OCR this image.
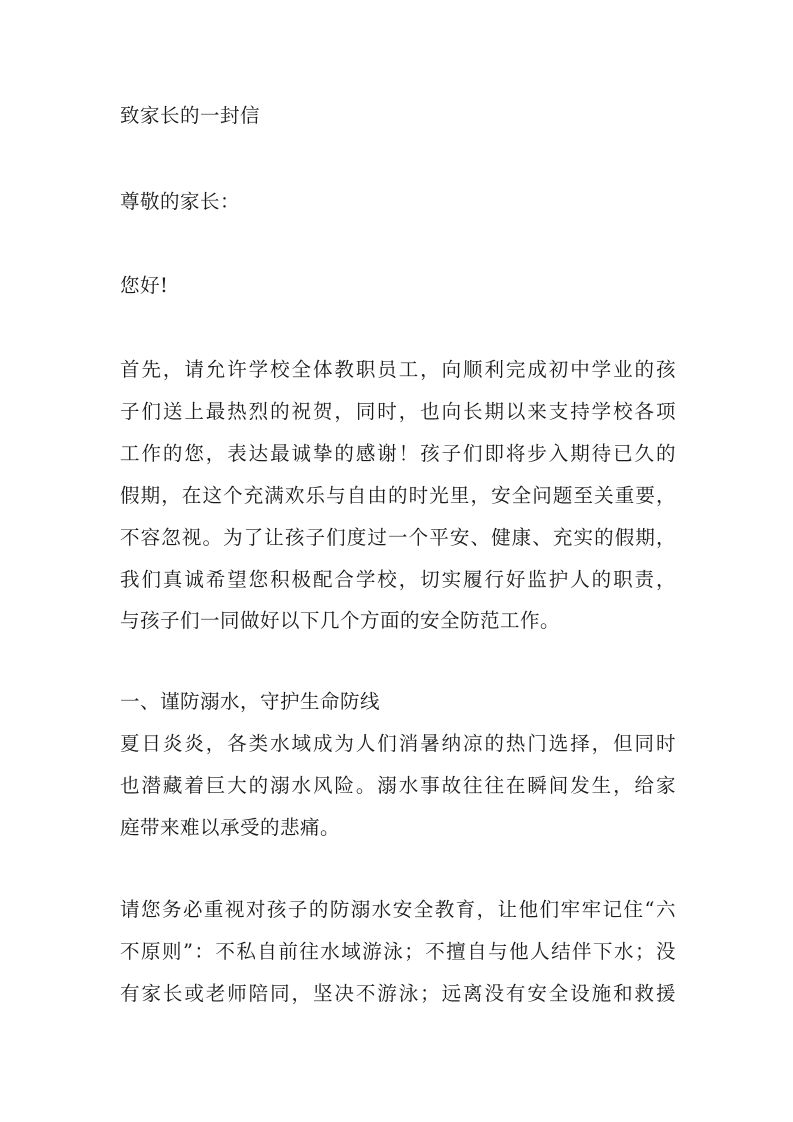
致家长的一封信
尊敬的家长：
您好!
首先，请允许学校全体教职员工，向顺利完成初中学业的孩
子们送上最热烈的祝贺，同时，也向长期以来支持学校各项
工作的您，表达最诚挚的感谢！孩子们即将步入期待已久的
假期，在这个充满欢乐与自由的时光里，安全问题至关重要，
不容忽视。为了让孩子们度过一个平安、健康、充实的假期，
我们真诚希望您积极配合学校，切实履行好监护人的职责，
与孩子们一同做好以下几个方面的安全防范工作。
一、谨防溺水，守护生命防线
夏日炎炎，各类水域成为人们消暑纳凉的热门选择，但同时
也潜藏着巨大的溺水风险。溺水事故往往在瞬间发生，给家
庭带来难以承受的悲痛。
请您务必重视对孩子的防溺水安全教育，让他们牢牢记住“六
不原则”：不私自前往水域游泳；不擅自与他人结伴下水；没
有家长或老师陪同，坚决不游泳；远离没有安全设施和救援
